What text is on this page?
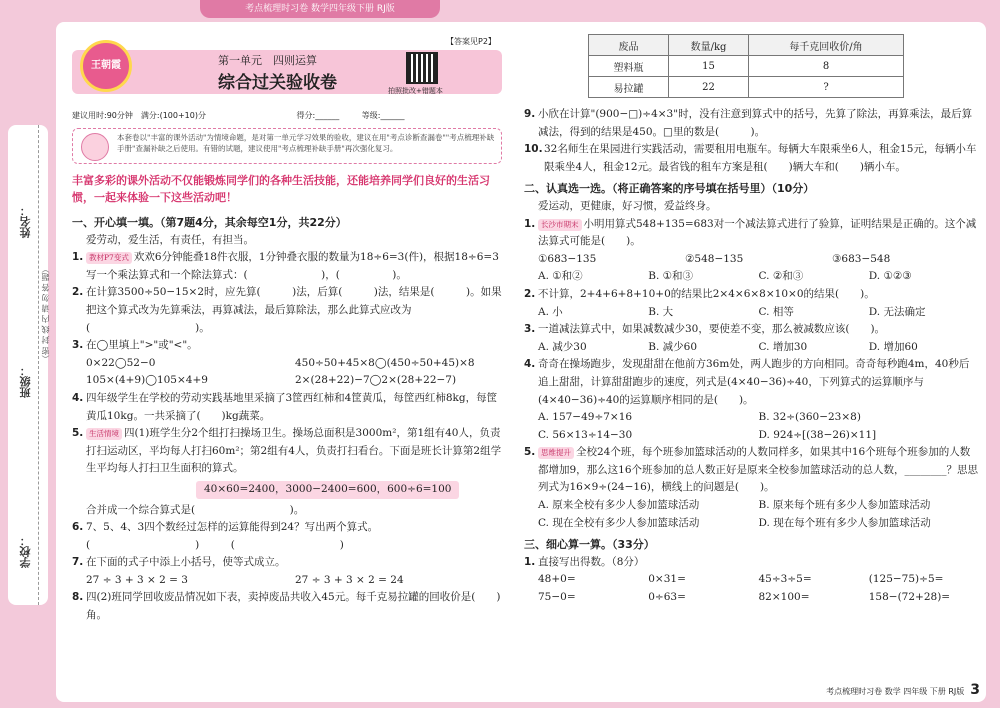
考点梳理时习卷 数学四年级下册 RJ版
姓名：
班级：
学校：
（密 封 线 内 请 勿 答 题）
王朝霞	第一单元　四则运算
综合过关验收卷	拍照批改+错题本
【答案见P2】
建议用时:90分钟　满分:(100+10)分	得分:______	等级:______
本套卷以"丰富的课外活动"为情境命题，是对第一单元学习效果的验收，建议在用"考点诊断查漏卷""考点梳理补缺手册"查漏补缺之后使用。有错的试题，建议使用"考点梳理补缺手册"再次强化复习。
丰富多彩的课外活动不仅能锻炼同学们的各种生活技能，还能培养同学们良好的生活习惯，一起来体验一下这些活动吧！
一、开心填一填。（第7题4分，其余每空1分，共22分）
爱劳动，爱生活，有责任，有担当。
1. 教材P7变式 欢欢6分钟能叠18件衣服，1分钟叠衣服的数量为18÷6=3(件)，根据18÷6=3写一个乘法算式和一个除法算式：(　　　　　　　)，(　　　　　)。
2. 在计算3500÷50−15×2时，应先算(　　　)法，后算(　　　)法，结果是(　　　)。如果把这个算式改为先算乘法，再算减法，最后算除法，那么此算式应改为(　　　　　　　　　　)。
3. 在◯里填上">"或"<"。
0×22◯52−0	450÷50+45×8◯(450÷50+45)×8
105×(4+9)◯105×4+9	2×(28+22)−7◯2×(28+22−7)
4. 四年级学生在学校的劳动实践基地里采摘了3筐西红柿和4筐黄瓜，每筐西红柿8kg，每筐黄瓜10kg。一共采摘了(　　)kg蔬菜。
5. 生活情境 四(1)班学生分2个组打扫操场卫生。操场总面积是3000m²，第1组有40人，负责打扫运动区，平均每人打扫60m²；第2组有4人，负责打扫看台。下面是班长计算第2组学生平均每人打扫卫生面积的算式。
40×60=2400，3000−2400=600，600÷6=100
合并成一个综合算式是(　　　　　　　　　)。
6. 7、5、4、3四个数经过怎样的运算能得到24？写出两个算式。
(　　　　　　　　　　)　　　(　　　　　　　　　　)
7. 在下面的式子中添上小括号，使等式成立。
27 ÷ 3 + 3 × 2 = 3	27 ÷ 3 + 3 × 2 = 24
8. 四(2)班同学回收废品情况如下表，卖掉废品共收入45元。每千克易拉罐的回收价是(　　)角。
废品	数量/kg	每千克回收价/角
塑料瓶	15	8
易拉罐	22	?
9. 小欣在计算"(900−□)÷4×3"时，没有注意到算式中的括号，先算了除法，再算乘法，最后算减法，得到的结果是450。□里的数是(　　　)。
10. 32名师生在果园进行实践活动，需要租用电瓶车。每辆大车限乘坐6人，租金15元，每辆小车限乘坐4人，租金12元。最省钱的租车方案是租(　　)辆大车和(　　)辆小车。
二、认真选一选。（将正确答案的序号填在括号里）（10分）
爱运动，更健康，好习惯，爱益终身。
1. 长沙市期末 小明用算式548+135=683对一个减法算式进行了验算，证明结果是正确的。这个减法算式可能是(　　)。
①683−135	②548−135	③683−548
A. ①和②	B. ①和③	C. ②和③	D. ①②③
2. 不计算，2+4+6+8+10+0的结果比2×4×6×8×10×0的结果(　　)。
A. 小	B. 大	C. 相等	D. 无法确定
3. 一道减法算式中，如果减数减少30，要使差不变，那么被减数应该(　　)。
A. 减少30	B. 减少60	C. 增加30	D. 增加60
4. 奇奇在操场跑步，发现甜甜在他前方36m处，两人跑步的方向相同。奇奇每秒跑4m，40秒后追上甜甜，计算甜甜跑步的速度，列式是(4×40−36)÷40，下列算式的运算顺序与(4×40−36)÷40的运算顺序相同的是(　　)。
A. 157−49÷7×16	B. 32÷(360−23×8)
C. 56×13÷14−30	D. 924÷[(38−26)×11]
5. 思维提升 全校24个班，每个班参加篮球活动的人数同样多，如果其中16个班每个班参加的人数都增加9，那么这16个班参加的总人数正好是原来全校参加篮球活动的总人数，________？思思列式为16×9÷(24−16)，横线上的问题是(　　)。
A. 原来全校有多少人参加篮球活动	B. 原来每个班有多少人参加篮球活动
C. 现在全校有多少人参加篮球活动	D. 现在每个班有多少人参加篮球活动
三、细心算一算。（33分）
1. 直接写出得数。（8分）
48+0=	0×31=	45÷3÷5=	(125−75)÷5=
75−0=	0÷63=	82×100=	158−(72+28)=
考点梳理时习卷 数学 四年级 下册 RJ版 3
